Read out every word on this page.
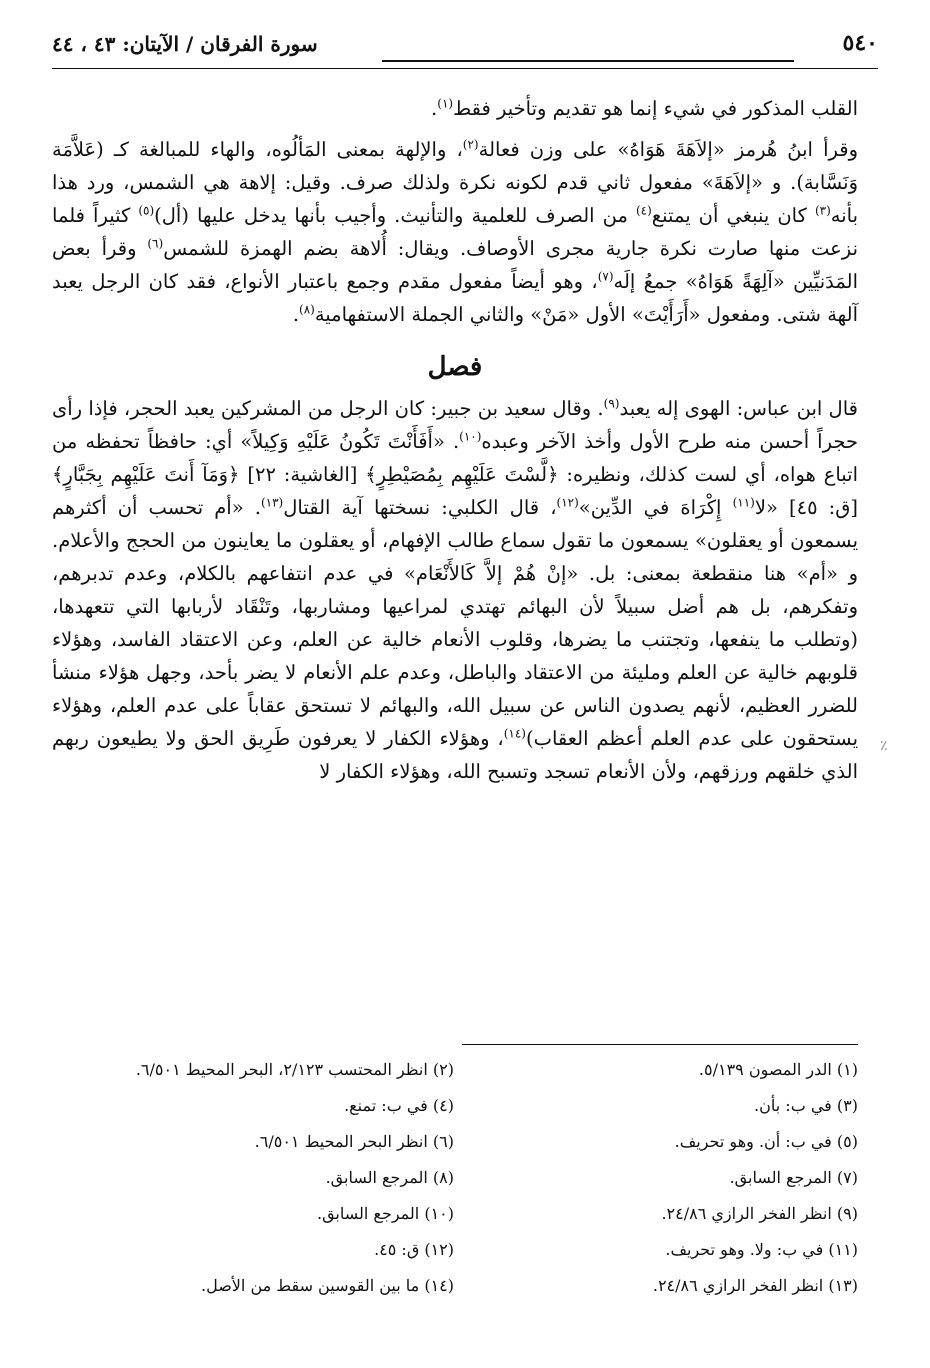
٥٤٠
سورة الفرقان / الآيتان: ٤٣ ، ٤٤

القلب المذكور في شيء إنما هو تقديم وتأخير فقط$^{(١)}$.

وقرأ ابنُ هُرمز «إلاَهَةَ هَوَاهُ» على وزن فعالة$^{(٢)}$، والإلهة بمعنى المَألُوه، والهاء للمبالغة كـ (عَلاَّمَة وَنَسَّابة). و «إلاَهَةَ» مفعول ثاني قدم لكونه نكرة ولذلك صرف. وقيل: إلاهة هي الشمس، ورد هذا بأنه$^{(٣)}$ كان ينبغي أن يمتنع$^{(٤)}$ من الصرف للعلمية والتأنيث. وأجيب بأنها يدخل عليها (أل)$^{(٥)}$ كثيراً فلما نزعت منها صارت نكرة جارية مجرى الأوصاف. ويقال: أُلاهة بضم الهمزة للشمس$^{(٦)}$ وقرأ بعض المَدَنيِّين «آلِهَةً هَوَاهُ» جمعُ إلَه$^{(٧)}$، وهو أيضاً مفعول مقدم وجمع باعتبار الأنواع، فقد كان الرجل يعبد آلهة شتى. ومفعول «أَرَأَيْتَ» الأول «مَنْ» والثاني الجملة الاستفهامية$^{(٨)}$.

فصل

قال ابن عباس: الهوى إله يعبد$^{(٩)}$. وقال سعيد بن جبير: كان الرجل من المشركين يعبد الحجر، فإذا رأى حجراً أحسن منه طرح الأول وأخذ الآخر وعبده$^{(١٠)}$. «أَفَأَنْتَ تَكُونُ عَلَيْهِ وَكِيلاً» أي: حافظاً تحفظه من اتباع هواه، أي لست كذلك، ونظيره: ﴿لَّسْتَ عَلَيْهِم بِمُصَيْطِرٍ﴾ [الغاشية: ٢٢] ﴿وَمَآ أَنتَ عَلَيْهِم بِجَبَّارٍ﴾ [ق: ٤٥] «لا$^{(١١)}$ إِكْرَاهَ في الدِّين»$^{(١٢)}$، قال الكلبي: نسختها آية القتال$^{(١٣)}$. «أم تحسب أن أكثرهم يسمعون أو يعقلون» يسمعون ما تقول سماع طالب الإفهام، أو يعقلون ما يعاينون من الحجج والأعلام. و «أم» هنا منقطعة بمعنى: بل. «إنْ هُمْ إلاَّ كَالأَنْعَام» في عدم انتفاعهم بالكلام، وعدم تدبرهم، وتفكرهم، بل هم أضل سبيلاً لأن البهائم تهتدي لمراعيها ومشاربها، وتَنْقَاد لأربابها التي تتعهدها، (وتطلب ما ينفعها، وتجتنب ما يضرها، وقلوب الأنعام خالية عن العلم، وعن الاعتقاد الفاسد، وهؤلاء قلوبهم خالية عن العلم ومليئة من الاعتقاد والباطل، وعدم علم الأنعام لا يضر بأحد، وجهل هؤلاء منشأ للضرر العظيم، لأنهم يصدون الناس عن سبيل الله، والبهائم لا تستحق عقاباً على عدم العلم، وهؤلاء يستحقون على عدم العلم أعظم العقاب)$^{(١٤)}$، وهؤلاء الكفار لا يعرفون طَرِيق الحق ولا يطيعون ربهم الذي خلقهم ورزقهم، ولأن الأنعام تسجد وتسبح الله، وهؤلاء الكفار لا

(١) الدر المصون ٥/١٣٩.
(٢) انظر المحتسب ٢/١٢٣، البحر المحيط ٦/٥٠١.
(٣) في ب: بأن.
(٤) في ب: تمنع.
(٥) في ب: أن. وهو تحريف.
(٦) انظر البحر المحيط ٦/٥٠١.
(٧) المرجع السابق.
(٨) المرجع السابق.
(٩) انظر الفخر الرازي ٢٤/٨٦.
(١٠) المرجع السابق.
(١١) في ب: ولا. وهو تحريف.
(١٢) ق: ٤٥.
(١٣) انظر الفخر الرازي ٢٤/٨٦.
(١٤) ما بين القوسين سقط من الأصل.
٪
